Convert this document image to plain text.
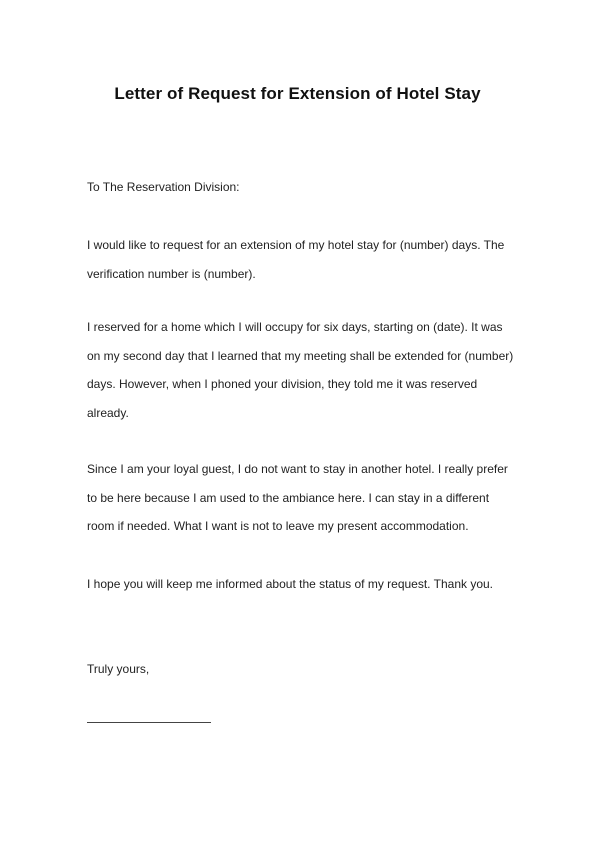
Letter of Request for Extension of Hotel Stay

To The Reservation Division:

I would like to request for an extension of my hotel stay for (number) days. The
verification number is (number).

I reserved for a home which I will occupy for six days, starting on (date). It was
on my second day that I learned that my meeting shall be extended for (number)
days. However, when I phoned your division, they told me it was reserved
already.

Since I am your loyal guest, I do not want to stay in another hotel. I really prefer
to be here because I am used to the ambiance here. I can stay in a different
room if needed. What I want is not to leave my present accommodation.

I hope you will keep me informed about the status of my request. Thank you.

Truly yours,
